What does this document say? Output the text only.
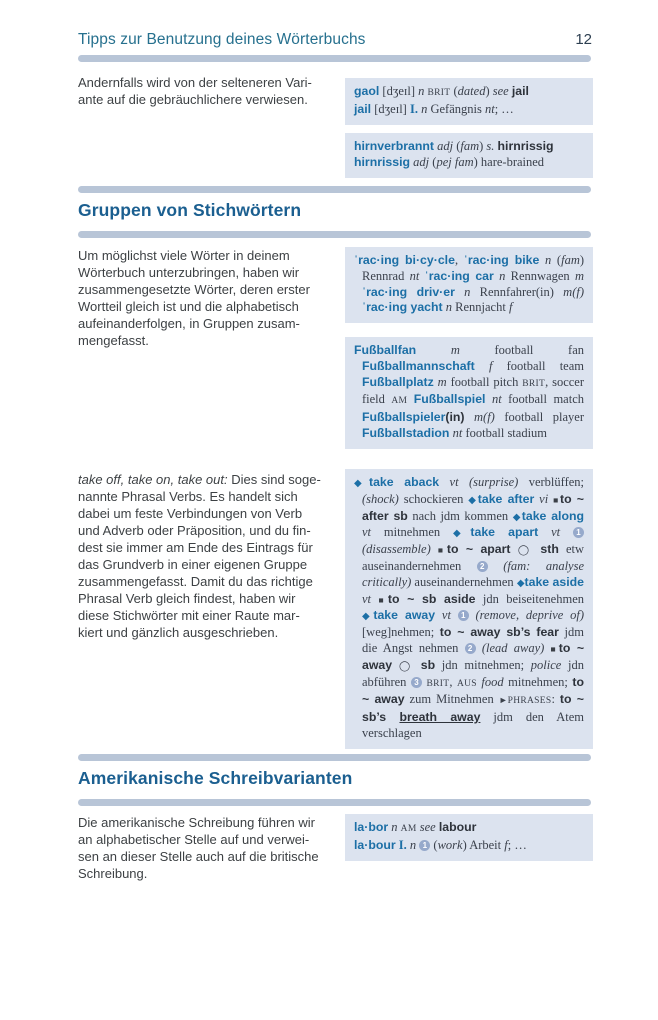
Tipps zur Benutzung deines Wörterbuchs	12
Andernfalls wird von der selteneren Vari-
ante auf die gebräuchlichere verwiesen.
gaol [dʒeɪl] n BRIT (dated) see jail
jail [dʒeɪl] I. n Gefängnis nt; …
hirnverbrannt adj (fam) s. hirnrissig
hirnrissig adj (pej fam) hare-brained
Gruppen von Stichwörtern
Um möglichst viele Wörter in deinem
Wörterbuch unterzubringen, haben wir
zusammengesetzte Wörter, deren erster
Wortteil gleich ist und die alphabetisch
aufeinanderfolgen, in Gruppen zusam-
mengefasst.
ˈrac·ing bi·cy·cle, ˈrac·ing bike n (fam) Rennrad nt ˈrac·ing car n Rennwagen m ˈrac·ing driv·er n Rennfahrer(in) m(f) ˈrac·ing yacht n Rennjacht f
Fußballfan	m football fan Fußballmannschaft f football team Fußballplatz m football pitch BRIT, soccer field AM Fußballspiel nt football match Fußballspieler(in) m(f) football player Fußballstadion nt football stadium
take off, take on, take out: Dies sind soge-
nannte Phrasal Verbs. Es handelt sich
dabei um feste Verbindungen von Verb
und Adverb oder Präposition, und du fin-
dest sie immer am Ende des Eintrags für
das Grundverb in einer eigenen Gruppe
zusammengefasst. Damit du das richtige
Phrasal Verb gleich findest, haben wir
diese Stichwörter mit einer Raute mar-
kiert und gänzlich ausgeschrieben.
◆take aback vt (surprise) verblüffen; (shock) schockieren ◆take after vi ■to ~ after sb nach jdm kommen ◆take along vt mitnehmen ◆take apart vt 1 (disassemble) ■to ~ apart ◯ sth etw auseinandernehmen 2 (fam: analyse critically) auseinandernehmen ◆take aside vt ■to ~ sb aside jdn beiseitenehmen ◆take away vt 1 (remove, deprive of) [weg]nehmen; to ~ away sb’s fear jdm die Angst nehmen 2 (lead away) ■to ~ away ◯ sb jdn mitnehmen; police jdn abführen 3 BRIT, AUS food mitnehmen; to ~ away zum Mitnehmen ►PHRASES: to ~ sb’s breath away jdm den Atem verschlagen
Amerikanische Schreibvarianten
Die amerikanische Schreibung führen wir
an alphabetischer Stelle auf und verwei-
sen an dieser Stelle auch auf die britische
Schreibung.
la·bor n AM see labour
la·bour I. n 1 (work) Arbeit f; …
